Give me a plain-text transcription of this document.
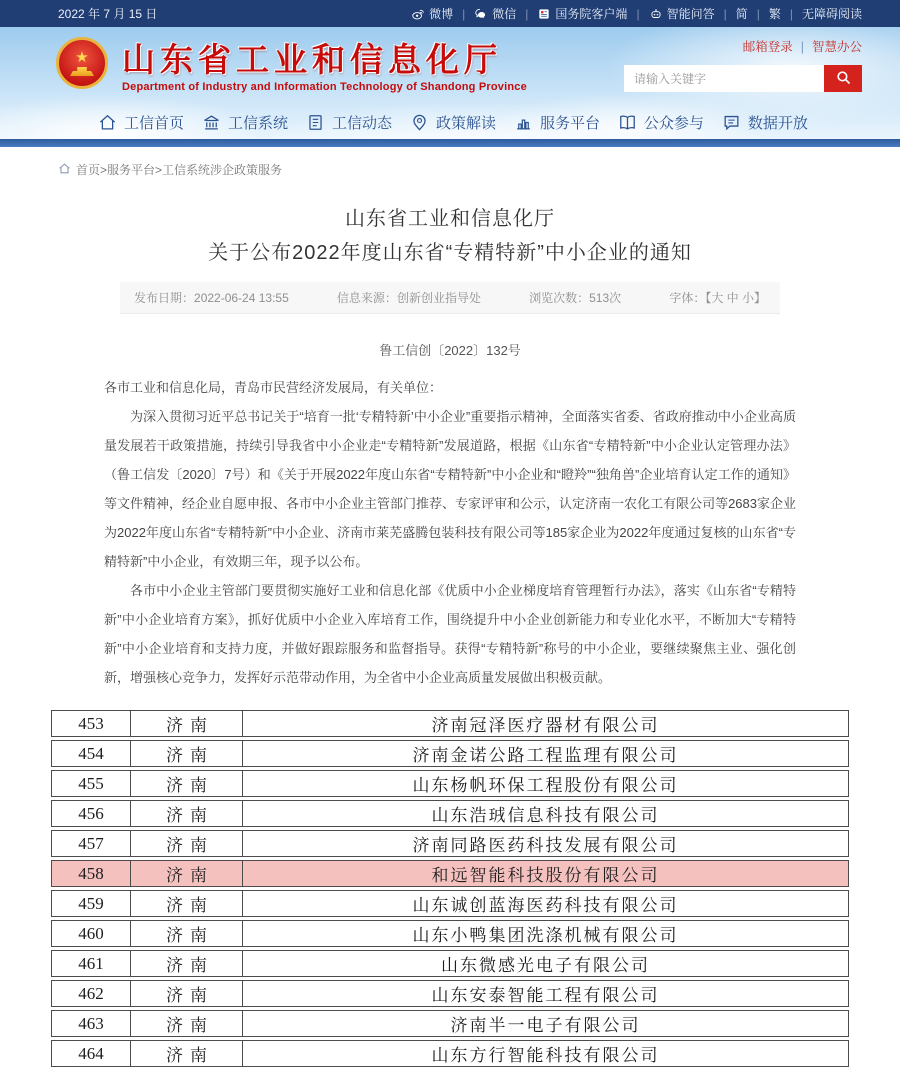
2022 年 7 月 15 日	微博 | 微信 | 国务院客户端 | 智能问答 | 简 | 繁 | 无障碍阅读
★ 山东省工业和信息化厅
Department of Industry and Information Technology of Shandong Province
邮箱登录 | 智慧办公
请输入关键字
工信首页	工信系统	工信动态	政策解读	服务平台	公众参与	数据开放
首页>服务平台>工信系统涉企政策服务
山东省工业和信息化厅
关于公布2022年度山东省“专精特新”中小企业的通知
发布日期：2022-06-24 13:55	信息来源：创新创业指导处	浏览次数：513次	字体：【大 中 小】
鲁工信创〔2022〕132号
各市工业和信息化局，青岛市民营经济发展局，有关单位：

为深入贯彻习近平总书记关于“培育一批‘专精特新’中小企业”重要指示精神，全面落实省委、省政府推动中小企业高质量发展若干政策措施，持续引导我省中小企业走“专精特新”发展道路，根据《山东省“专精特新”中小企业认定管理办法》（鲁工信发〔2020〕7号）和《关于开展2022年度山东省“专精特新”中小企业和“瞪羚”“独角兽”企业培育认定工作的通知》等文件精神，经企业自愿申报、各市中小企业主管部门推荐、专家评审和公示，认定济南一农化工有限公司等2683家企业为2022年度山东省“专精特新”中小企业、济南市莱芜盛腾包装科技有限公司等185家企业为2022年度通过复核的山东省“专精特新”中小企业，有效期三年，现予以公布。

各市中小企业主管部门要贯彻实施好工业和信息化部《优质中小企业梯度培育管理暂行办法》，落实《山东省“专精特新”中小企业培育方案》，抓好优质中小企业入库培育工作，围绕提升中小企业创新能力和专业化水平，不断加大“专精特新”中小企业培育和支持力度，并做好跟踪服务和监督指导。获得“专精特新”称号的中小企业，要继续聚焦主业、强化创新，增强核心竞争力，发挥好示范带动作用，为全省中小企业高质量发展做出积极贡献。

453	济南	济南冠泽医疗器材有限公司
454	济南	济南金诺公路工程监理有限公司
455	济南	山东杨帆环保工程股份有限公司
456	济南	山东浩珬信息科技有限公司
457	济南	济南同路医药科技发展有限公司
458	济南	和远智能科技股份有限公司
459	济南	山东诚创蓝海医药科技有限公司
460	济南	山东小鸭集团洗涤机械有限公司
461	济南	山东微感光电子有限公司
462	济南	山东安泰智能工程有限公司
463	济南	济南半一电子有限公司
464	济南	山东方行智能科技有限公司
